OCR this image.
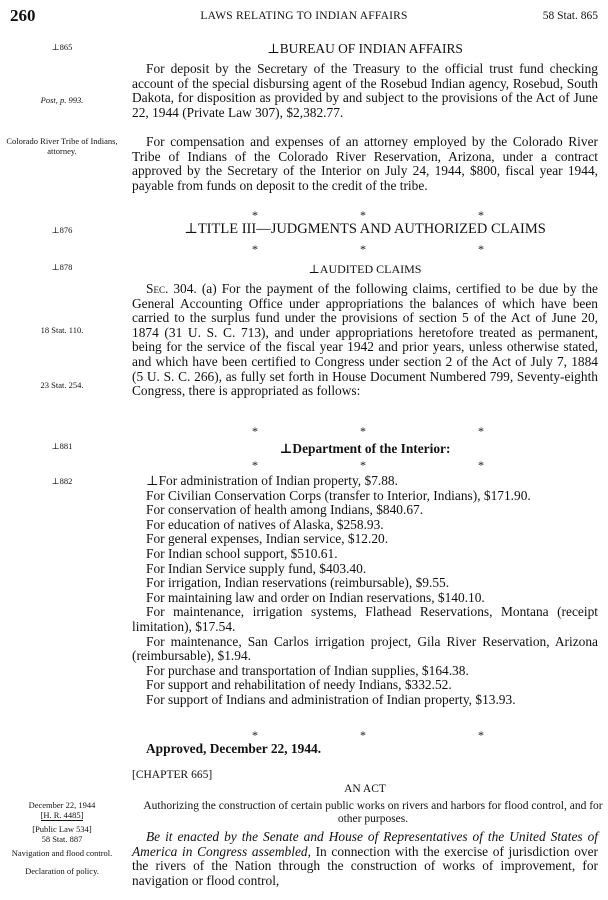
260	LAWS RELATING TO INDIAN AFFAIRS	58 Stat. 865
⊥865
Post, p. 993.
Colorado River Tribe of Indians, attorney.
⊥876
⊥878
18 Stat. 110.
23 Stat. 254.
⊥881
⊥882
December 22, 1944
[H. R. 4485]
[Public Law 534]
58 Stat. 887
Navigation and flood control.
Declaration of policy.
⊥BUREAU OF INDIAN AFFAIRS
For deposit by the Secretary of the Treasury to the official trust fund checking account of the special disbursing agent of the Rosebud Indian agency, Rosebud, South Dakota, for disposition as provided by and subject to the provisions of the Act of June 22, 1944 (Private Law 307), $2,382.77.
For compensation and expenses of an attorney employed by the Colorado River Tribe of Indians of the Colorado River Reservation, Arizona, under a contract approved by the Secretary of the Interior on July 24, 1944, $800, fiscal year 1944, payable from funds on deposit to the credit of the tribe.
*	*	*
⊥TITLE III—JUDGMENTS AND AUTHORIZED CLAIMS
*	*	*
⊥AUDITED CLAIMS
Sec. 304. (a) For the payment of the following claims, certified to be due by the General Accounting Office under appropriations the balances of which have been carried to the surplus fund under the provisions of section 5 of the Act of June 20, 1874 (31 U. S. C. 713), and under appropriations heretofore treated as permanent, being for the service of the fiscal year 1942 and prior years, unless otherwise stated, and which have been certified to Congress under section 2 of the Act of July 7, 1884 (5 U. S. C. 266), as fully set forth in House Document Numbered 799, Seventy-eighth Congress, there is appropriated as follows:
*	*	*
⊥Department of the Interior:
*	*	*
⊥For administration of Indian property, $7.88.
For Civilian Conservation Corps (transfer to Interior, Indians), $171.90.
For conservation of health among Indians, $840.67.
For education of natives of Alaska, $258.93.
For general expenses, Indian service, $12.20.
For Indian school support, $510.61.
For Indian Service supply fund, $403.40.
For irrigation, Indian reservations (reimbursable), $9.55.
For maintaining law and order on Indian reservations, $140.10.
For maintenance, irrigation systems, Flathead Reservations, Montana (receipt limitation), $17.54.
For maintenance, San Carlos irrigation project, Gila River Reservation, Arizona (reimbursable), $1.94.
For purchase and transportation of Indian supplies, $164.38.
For support and rehabilitation of needy Indians, $332.52.
For support of Indians and administration of Indian property, $13.93.
*	*	*
Approved, December 22, 1944.
[CHAPTER 665]
AN ACT
Authorizing the construction of certain public works on rivers and harbors for flood control, and for other purposes.
Be it enacted by the Senate and House of Representatives of the United States of America in Congress assembled, In connection with the exercise of jurisdiction over the rivers of the Nation through the construction of works of improvement, for navigation or flood control,
